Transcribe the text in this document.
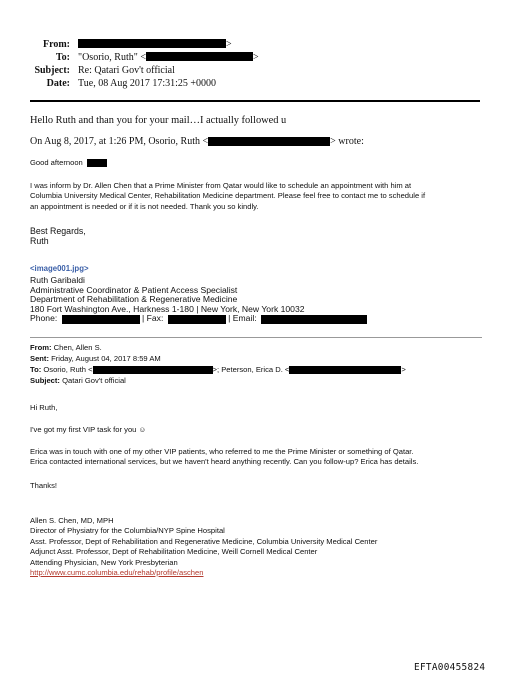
From:	>
To: "Osorio, Ruth" <	>
Subject: Re: Qatari Gov't official
Date: Tue, 08 Aug 2017 17:31:25 +0000
Hello Ruth and than you for your mail…I actually followed u
On Aug 8, 2017, at 1:26 PM, Osorio, Ruth <	> wrote:
Good afternoon
I was inform by Dr. Allen Chen that a Prime Minister from Qatar would like to schedule an appointment with him at
Columbia University Medical Center, Rehabilitation Medicine department. Please feel free to contact me to schedule if
an appointment is needed or if it is not needed. Thank you so kindly.
Best Regards,
Ruth
<image001.jpg>
Ruth Garibaldi
Administrative Coordinator & Patient Access Specialist
Department of Rehabilitation & Regenerative Medicine
180 Fort Washington Ave., Harkness 1-180 | New York, New York 10032
Phone:	| Fax:	| Email:
From: Chen, Allen S.
Sent: Friday, August 04, 2017 8:59 AM
To: Osorio, Ruth <	>; Peterson, Erica D. <	>
Subject: Qatari Gov't official
Hi Ruth,
I've got my first VIP task for you ☺
Erica was in touch with one of my other VIP patients, who referred to me the Prime Minister or something of Qatar.
Erica contacted international services, but we haven't heard anything recently. Can you follow-up? Erica has details.
Thanks!
Allen S. Chen, MD, MPH
Director of Physiatry for the Columbia/NYP Spine Hospital
Asst. Professor, Dept of Rehabilitation and Regenerative Medicine, Columbia University Medical Center
Adjunct Asst. Professor, Dept of Rehabilitation Medicine, Weill Cornell Medical Center
Attending Physician, New York Presbyterian
http://www.cumc.columbia.edu/rehab/profile/aschen
EFTA00455824
